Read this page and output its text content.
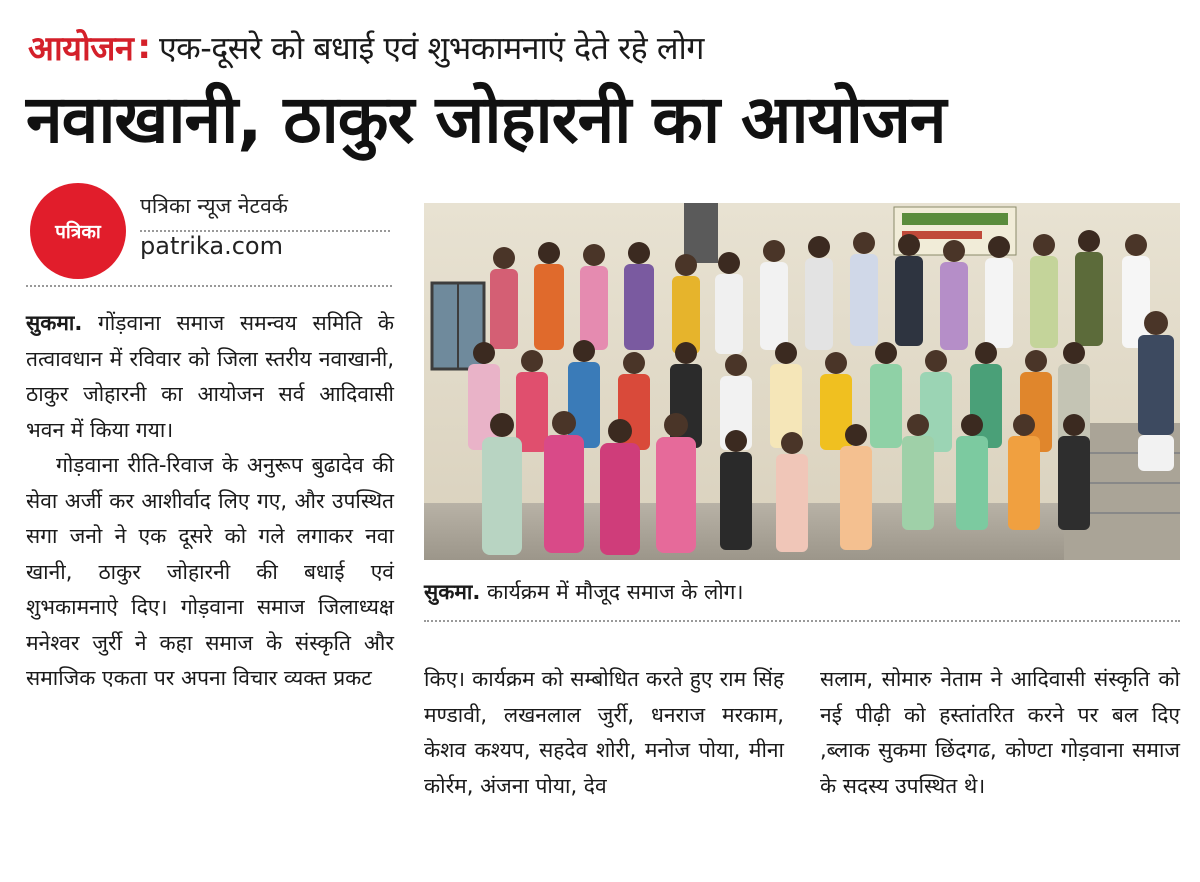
आयोजन : एक-दूसरे को बधाई एवं शुभकामनाएं देते रहे लोग
नवाखानी, ठाकुर जोहारनी का आयोजन
पत्रिका
पत्रिका न्यूज नेटवर्क
patrika.com

सुकमा. गोंड़वाना समाज समन्वय समिति के तत्वावधान में रविवार को जिला स्तरीय नवाखानी, ठाकुर जोहारनी का आयोजन सर्व आदिवासी भवन में किया गया।

गोड़वाना रीति-रिवाज के अनुरूप बुढादेव की सेवा अर्जी कर आशीर्वाद लिए गए, और उपस्थित सगा जनो ने एक दूसरे को गले लगाकर नवा खानी, ठाकुर जोहारनी की बधाई एवं शुभकामनाऐ दिए। गोड़वाना समाज जिलाध्यक्ष मनेश्वर जुर्री ने कहा समाज के संस्कृति और समाजिक एकता पर अपना विचार व्यक्त प्रकट

सुकमा. कार्यक्रम में मौजूद समाज के लोग।

किए। कार्यक्रम को सम्बोधित करते हुए राम सिंह मण्डावी, लखनलाल जुर्री, धनराज मरकाम, केशव कश्यप, सहदेव शोरी, मनोज पोया, मीना कोर्रम, अंजना पोया, देव

सलाम, सोमारु नेताम ने आदिवासी संस्कृति को नई पीढ़ी को हस्तांतरित करने पर बल दिए ,ब्लाक सुकमा छिंदगढ, कोण्टा गोड़वाना समाज के सदस्य उपस्थित थे।
